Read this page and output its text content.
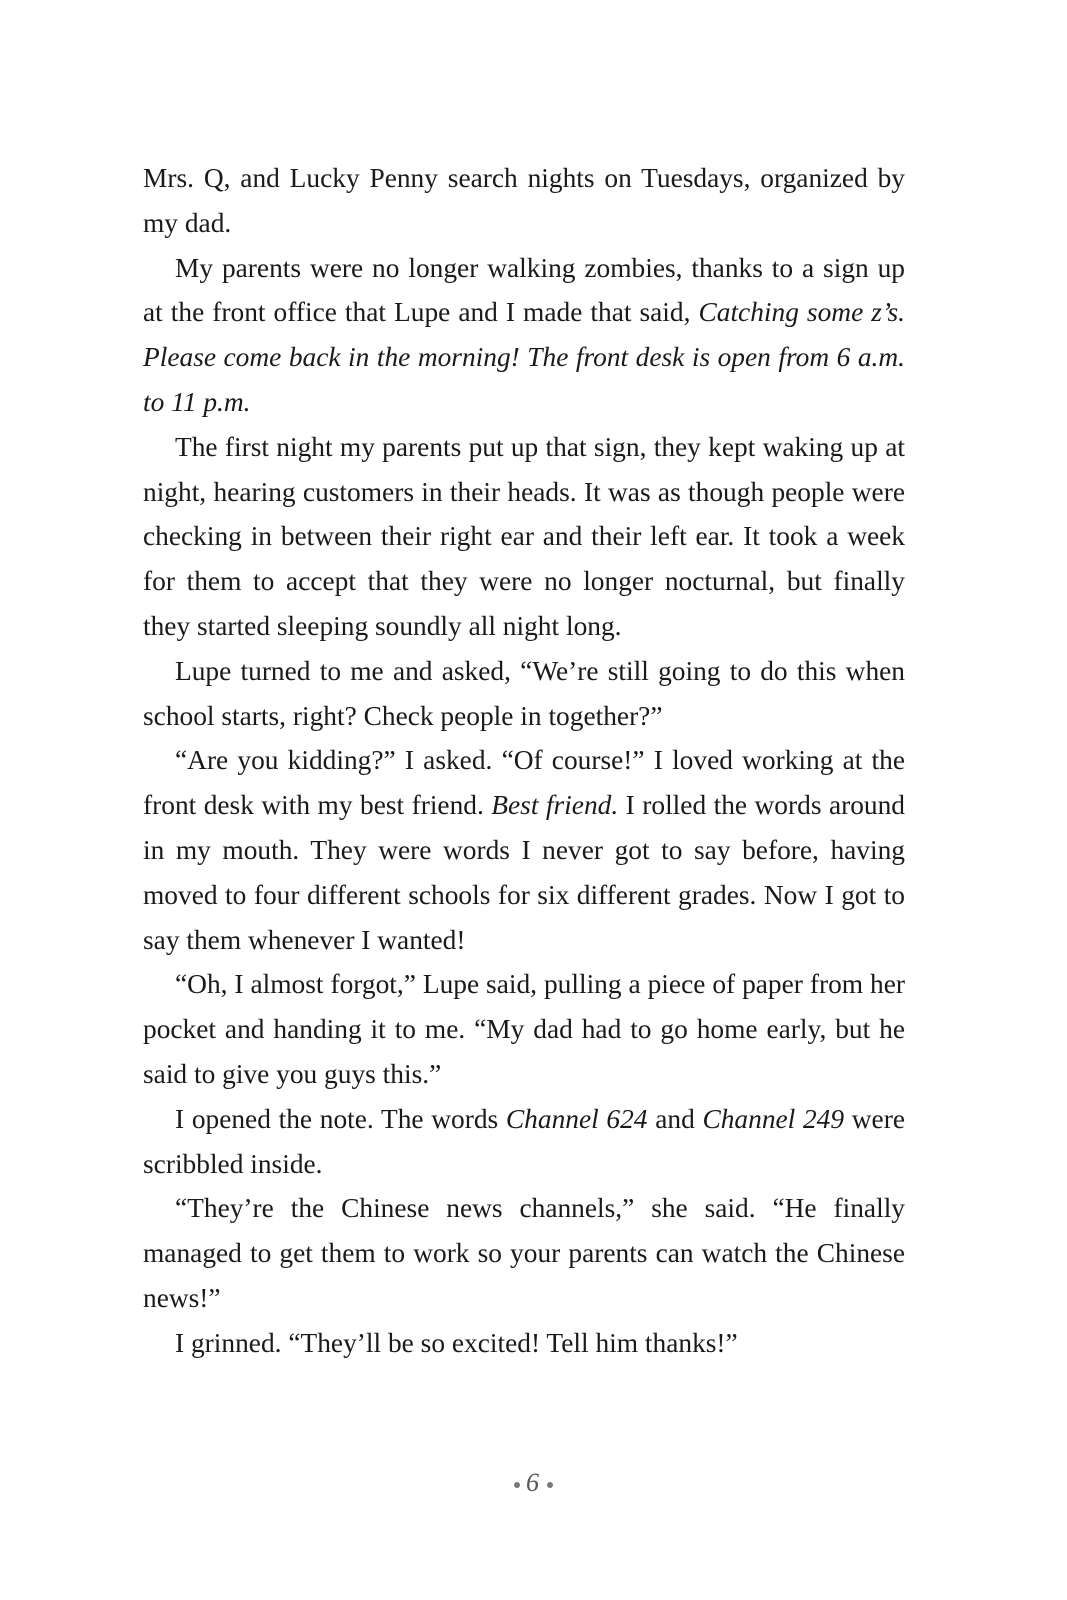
Mrs. Q, and Lucky Penny search nights on Tuesdays, organized by my dad.

My parents were no longer walking zombies, thanks to a sign up at the front office that Lupe and I made that said, Catching some z’s. Please come back in the morning! The front desk is open from 6 a.m. to 11 p.m.

The first night my parents put up that sign, they kept waking up at night, hearing customers in their heads. It was as though people were checking in between their right ear and their left ear. It took a week for them to accept that they were no longer nocturnal, but finally they started sleeping soundly all night long.

Lupe turned to me and asked, “We’re still going to do this when school starts, right? Check people in together?”

“Are you kidding?” I asked. “Of course!” I loved working at the front desk with my best friend. Best friend. I rolled the words around in my mouth. They were words I never got to say before, having moved to four different schools for six different grades. Now I got to say them whenever I wanted!

“Oh, I almost forgot,” Lupe said, pulling a piece of paper from her pocket and handing it to me. “My dad had to go home early, but he said to give you guys this.”

I opened the note. The words Channel 624 and Channel 249 were scribbled inside.

“They’re the Chinese news channels,” she said. “He finally managed to get them to work so your parents can watch the Chinese news!”

I grinned. “They’ll be so excited! Tell him thanks!”

6
